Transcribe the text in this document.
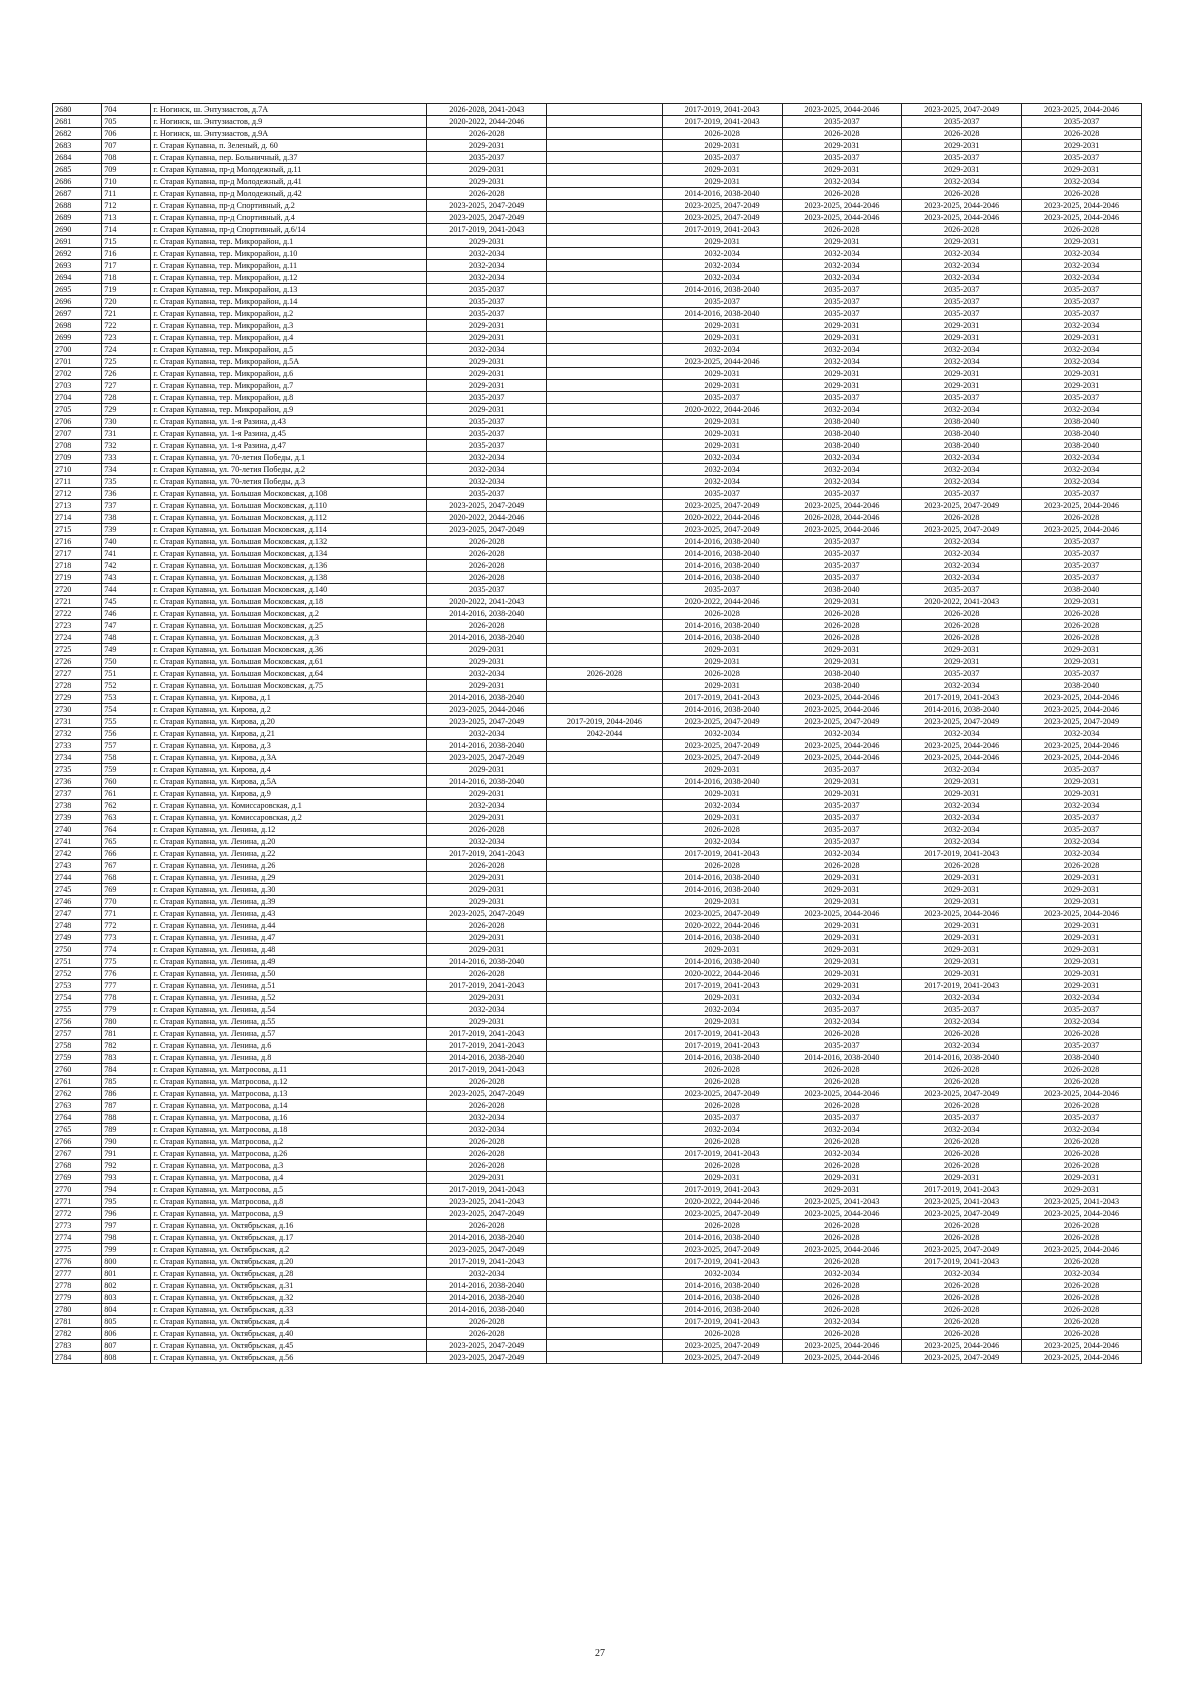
2680	704	г. Ногинск, ш. Энтузиастов, д.7А	2026-2028, 2041-2043		2017-2019, 2041-2043	2023-2025, 2044-2046	2023-2025, 2047-2049	2023-2025, 2044-2046
2681	705	г. Ногинск, ш. Энтузиастов, д.9	2020-2022, 2044-2046		2017-2019, 2041-2043	2035-2037	2035-2037	2035-2037
2682	706	г. Ногинск, ш. Энтузиастов, д.9А	2026-2028		2026-2028	2026-2028	2026-2028	2026-2028
2683	707	г. Старая Купавна, п. Зеленый, д. 60	2029-2031		2029-2031	2029-2031	2029-2031	2029-2031
2684	708	г. Старая Купавна, пер. Больничный, д.37	2035-2037		2035-2037	2035-2037	2035-2037	2035-2037
2685	709	г. Старая Купавна, пр-д Молодежный, д.11	2029-2031		2029-2031	2029-2031	2029-2031	2029-2031
2686	710	г. Старая Купавна, пр-д Молодежный, д.41	2029-2031		2029-2031	2032-2034	2032-2034	2032-2034
2687	711	г. Старая Купавна, пр-д Молодежный, д.42	2026-2028		2014-2016, 2038-2040	2026-2028	2026-2028	2026-2028
2688	712	г. Старая Купавна, пр-д Спортивный, д.2	2023-2025, 2047-2049		2023-2025, 2047-2049	2023-2025, 2044-2046	2023-2025, 2044-2046	2023-2025, 2044-2046
2689	713	г. Старая Купавна, пр-д Спортивный, д.4	2023-2025, 2047-2049		2023-2025, 2047-2049	2023-2025, 2044-2046	2023-2025, 2044-2046	2023-2025, 2044-2046
2690	714	г. Старая Купавна, пр-д Спортивный, д.6/14	2017-2019, 2041-2043		2017-2019, 2041-2043	2026-2028	2026-2028	2026-2028
2691	715	г. Старая Купавна, тер. Микрорайон, д.1	2029-2031		2029-2031	2029-2031	2029-2031	2029-2031
2692	716	г. Старая Купавна, тер. Микрорайон, д.10	2032-2034		2032-2034	2032-2034	2032-2034	2032-2034
2693	717	г. Старая Купавна, тер. Микрорайон, д.11	2032-2034		2032-2034	2032-2034	2032-2034	2032-2034
2694	718	г. Старая Купавна, тер. Микрорайон, д.12	2032-2034		2032-2034	2032-2034	2032-2034	2032-2034
2695	719	г. Старая Купавна, тер. Микрорайон, д.13	2035-2037		2014-2016, 2038-2040	2035-2037	2035-2037	2035-2037
2696	720	г. Старая Купавна, тер. Микрорайон, д.14	2035-2037		2035-2037	2035-2037	2035-2037	2035-2037
2697	721	г. Старая Купавна, тер. Микрорайон, д.2	2035-2037		2014-2016, 2038-2040	2035-2037	2035-2037	2035-2037
2698	722	г. Старая Купавна, тер. Микрорайон, д.3	2029-2031		2029-2031	2029-2031	2029-2031	2032-2034
2699	723	г. Старая Купавна, тер. Микрорайон, д.4	2029-2031		2029-2031	2029-2031	2029-2031	2029-2031
2700	724	г. Старая Купавна, тер. Микрорайон, д.5	2032-2034		2032-2034	2032-2034	2032-2034	2032-2034
2701	725	г. Старая Купавна, тер. Микрорайон, д.5А	2029-2031		2023-2025, 2044-2046	2032-2034	2032-2034	2032-2034
2702	726	г. Старая Купавна, тер. Микрорайон, д.6	2029-2031		2029-2031	2029-2031	2029-2031	2029-2031
2703	727	г. Старая Купавна, тер. Микрорайон, д.7	2029-2031		2029-2031	2029-2031	2029-2031	2029-2031
2704	728	г. Старая Купавна, тер. Микрорайон, д.8	2035-2037		2035-2037	2035-2037	2035-2037	2035-2037
2705	729	г. Старая Купавна, тер. Микрорайон, д.9	2029-2031		2020-2022, 2044-2046	2032-2034	2032-2034	2032-2034
2706	730	г. Старая Купавна, ул. 1-я Разина, д.43	2035-2037		2029-2031	2038-2040	2038-2040	2038-2040
2707	731	г. Старая Купавна, ул. 1-я Разина, д.45	2035-2037		2029-2031	2038-2040	2038-2040	2038-2040
2708	732	г. Старая Купавна, ул. 1-я Разина, д.47	2035-2037		2029-2031	2038-2040	2038-2040	2038-2040
2709	733	г. Старая Купавна, ул. 70-летия Победы, д.1	2032-2034		2032-2034	2032-2034	2032-2034	2032-2034
2710	734	г. Старая Купавна, ул. 70-летия Победы, д.2	2032-2034		2032-2034	2032-2034	2032-2034	2032-2034
2711	735	г. Старая Купавна, ул. 70-летия Победы, д.3	2032-2034		2032-2034	2032-2034	2032-2034	2032-2034
2712	736	г. Старая Купавна, ул. Большая Московская, д.108	2035-2037		2035-2037	2035-2037	2035-2037	2035-2037
2713	737	г. Старая Купавна, ул. Большая Московская, д.110	2023-2025, 2047-2049		2023-2025, 2047-2049	2023-2025, 2044-2046	2023-2025, 2047-2049	2023-2025, 2044-2046
2714	738	г. Старая Купавна, ул. Большая Московская, д.112	2020-2022, 2044-2046		2020-2022, 2044-2046	2026-2028, 2044-2046	2026-2028	2026-2028
2715	739	г. Старая Купавна, ул. Большая Московская, д.114	2023-2025, 2047-2049		2023-2025, 2047-2049	2023-2025, 2044-2046	2023-2025, 2047-2049	2023-2025, 2044-2046
2716	740	г. Старая Купавна, ул. Большая Московская, д.132	2026-2028		2014-2016, 2038-2040	2035-2037	2032-2034	2035-2037
2717	741	г. Старая Купавна, ул. Большая Московская, д.134	2026-2028		2014-2016, 2038-2040	2035-2037	2032-2034	2035-2037
2718	742	г. Старая Купавна, ул. Большая Московская, д.136	2026-2028		2014-2016, 2038-2040	2035-2037	2032-2034	2035-2037
2719	743	г. Старая Купавна, ул. Большая Московская, д.138	2026-2028		2014-2016, 2038-2040	2035-2037	2032-2034	2035-2037
2720	744	г. Старая Купавна, ул. Большая Московская, д.140	2035-2037		2035-2037	2038-2040	2035-2037	2038-2040
2721	745	г. Старая Купавна, ул. Большая Московская, д.18	2020-2022, 2041-2043		2020-2022, 2044-2046	2029-2031	2020-2022, 2041-2043	2029-2031
2722	746	г. Старая Купавна, ул. Большая Московская, д.2	2014-2016, 2038-2040		2026-2028	2026-2028	2026-2028	2026-2028
2723	747	г. Старая Купавна, ул. Большая Московская, д.25	2026-2028		2014-2016, 2038-2040	2026-2028	2026-2028	2026-2028
2724	748	г. Старая Купавна, ул. Большая Московская, д.3	2014-2016, 2038-2040		2014-2016, 2038-2040	2026-2028	2026-2028	2026-2028
2725	749	г. Старая Купавна, ул. Большая Московская, д.36	2029-2031		2029-2031	2029-2031	2029-2031	2029-2031
2726	750	г. Старая Купавна, ул. Большая Московская, д.61	2029-2031		2029-2031	2029-2031	2029-2031	2029-2031
2727	751	г. Старая Купавна, ул. Большая Московская, д.64	2032-2034	2026-2028	2026-2028	2038-2040	2035-2037	2035-2037
2728	752	г. Старая Купавна, ул. Большая Московская, д.75	2029-2031		2029-2031	2038-2040	2032-2034	2038-2040
2729	753	г. Старая Купавна, ул. Кирова, д.1	2014-2016, 2038-2040		2017-2019, 2041-2043	2023-2025, 2044-2046	2017-2019, 2041-2043	2023-2025, 2044-2046
2730	754	г. Старая Купавна, ул. Кирова, д.2	2023-2025, 2044-2046		2014-2016, 2038-2040	2023-2025, 2044-2046	2014-2016, 2038-2040	2023-2025, 2044-2046
2731	755	г. Старая Купавна, ул. Кирова, д.20	2023-2025, 2047-2049	2017-2019, 2044-2046	2023-2025, 2047-2049	2023-2025, 2047-2049	2023-2025, 2047-2049	2023-2025, 2047-2049
2732	756	г. Старая Купавна, ул. Кирова, д.21	2032-2034	2042-2044	2032-2034	2032-2034	2032-2034	2032-2034
2733	757	г. Старая Купавна, ул. Кирова, д.3	2014-2016, 2038-2040		2023-2025, 2047-2049	2023-2025, 2044-2046	2023-2025, 2044-2046	2023-2025, 2044-2046
2734	758	г. Старая Купавна, ул. Кирова, д.3А	2023-2025, 2047-2049		2023-2025, 2047-2049	2023-2025, 2044-2046	2023-2025, 2044-2046	2023-2025, 2044-2046
2735	759	г. Старая Купавна, ул. Кирова, д.4	2029-2031		2029-2031	2035-2037	2032-2034	2035-2037
2736	760	г. Старая Купавна, ул. Кирова, д.5А	2014-2016, 2038-2040		2014-2016, 2038-2040	2029-2031	2029-2031	2029-2031
2737	761	г. Старая Купавна, ул. Кирова, д.9	2029-2031		2029-2031	2029-2031	2029-2031	2029-2031
2738	762	г. Старая Купавна, ул. Комиссаровская, д.1	2032-2034		2032-2034	2035-2037	2032-2034	2032-2034
2739	763	г. Старая Купавна, ул. Комиссаровская, д.2	2029-2031		2029-2031	2035-2037	2032-2034	2035-2037
2740	764	г. Старая Купавна, ул. Ленина, д.12	2026-2028		2026-2028	2035-2037	2032-2034	2035-2037
2741	765	г. Старая Купавна, ул. Ленина, д.20	2032-2034		2032-2034	2035-2037	2032-2034	2032-2034
2742	766	г. Старая Купавна, ул. Ленина, д.22	2017-2019, 2041-2043		2017-2019, 2041-2043	2032-2034	2017-2019, 2041-2043	2032-2034
2743	767	г. Старая Купавна, ул. Ленина, д.26	2026-2028		2026-2028	2026-2028	2026-2028	2026-2028
2744	768	г. Старая Купавна, ул. Ленина, д.29	2029-2031		2014-2016, 2038-2040	2029-2031	2029-2031	2029-2031
2745	769	г. Старая Купавна, ул. Ленина, д.30	2029-2031		2014-2016, 2038-2040	2029-2031	2029-2031	2029-2031
2746	770	г. Старая Купавна, ул. Ленина, д.39	2029-2031		2029-2031	2029-2031	2029-2031	2029-2031
2747	771	г. Старая Купавна, ул. Ленина, д.43	2023-2025, 2047-2049		2023-2025, 2047-2049	2023-2025, 2044-2046	2023-2025, 2044-2046	2023-2025, 2044-2046
2748	772	г. Старая Купавна, ул. Ленина, д.44	2026-2028		2020-2022, 2044-2046	2029-2031	2029-2031	2029-2031
2749	773	г. Старая Купавна, ул. Ленина, д.47	2029-2031		2014-2016, 2038-2040	2029-2031	2029-2031	2029-2031
2750	774	г. Старая Купавна, ул. Ленина, д.48	2029-2031		2029-2031	2029-2031	2029-2031	2029-2031
2751	775	г. Старая Купавна, ул. Ленина, д.49	2014-2016, 2038-2040		2014-2016, 2038-2040	2029-2031	2029-2031	2029-2031
2752	776	г. Старая Купавна, ул. Ленина, д.50	2026-2028		2020-2022, 2044-2046	2029-2031	2029-2031	2029-2031
2753	777	г. Старая Купавна, ул. Ленина, д.51	2017-2019, 2041-2043		2017-2019, 2041-2043	2029-2031	2017-2019, 2041-2043	2029-2031
2754	778	г. Старая Купавна, ул. Ленина, д.52	2029-2031		2029-2031	2032-2034	2032-2034	2032-2034
2755	779	г. Старая Купавна, ул. Ленина, д.54	2032-2034		2032-2034	2035-2037	2035-2037	2035-2037
2756	780	г. Старая Купавна, ул. Ленина, д.55	2029-2031		2029-2031	2032-2034	2032-2034	2032-2034
2757	781	г. Старая Купавна, ул. Ленина, д.57	2017-2019, 2041-2043		2017-2019, 2041-2043	2026-2028	2026-2028	2026-2028
2758	782	г. Старая Купавна, ул. Ленина, д.6	2017-2019, 2041-2043		2017-2019, 2041-2043	2035-2037	2032-2034	2035-2037
2759	783	г. Старая Купавна, ул. Ленина, д.8	2014-2016, 2038-2040		2014-2016, 2038-2040	2014-2016, 2038-2040	2014-2016, 2038-2040	2038-2040
2760	784	г. Старая Купавна, ул. Матросова, д.11	2017-2019, 2041-2043		2026-2028	2026-2028	2026-2028	2026-2028
2761	785	г. Старая Купавна, ул. Матросова, д.12	2026-2028		2026-2028	2026-2028	2026-2028	2026-2028
2762	786	г. Старая Купавна, ул. Матросова, д.13	2023-2025, 2047-2049		2023-2025, 2047-2049	2023-2025, 2044-2046	2023-2025, 2047-2049	2023-2025, 2044-2046
2763	787	г. Старая Купавна, ул. Матросова, д.14	2026-2028		2026-2028	2026-2028	2026-2028	2026-2028
2764	788	г. Старая Купавна, ул. Матросова, д.16	2032-2034		2035-2037	2035-2037	2035-2037	2035-2037
2765	789	г. Старая Купавна, ул. Матросова, д.18	2032-2034		2032-2034	2032-2034	2032-2034	2032-2034
2766	790	г. Старая Купавна, ул. Матросова, д.2	2026-2028		2026-2028	2026-2028	2026-2028	2026-2028
2767	791	г. Старая Купавна, ул. Матросова, д.26	2026-2028		2017-2019, 2041-2043	2032-2034	2026-2028	2026-2028
2768	792	г. Старая Купавна, ул. Матросова, д.3	2026-2028		2026-2028	2026-2028	2026-2028	2026-2028
2769	793	г. Старая Купавна, ул. Матросова, д.4	2029-2031		2029-2031	2029-2031	2029-2031	2029-2031
2770	794	г. Старая Купавна, ул. Матросова, д.5	2017-2019, 2041-2043		2017-2019, 2041-2043	2029-2031	2017-2019, 2041-2043	2029-2031
2771	795	г. Старая Купавна, ул. Матросова, д.8	2023-2025, 2041-2043		2020-2022, 2044-2046	2023-2025, 2041-2043	2023-2025, 2041-2043	2023-2025, 2041-2043
2772	796	г. Старая Купавна, ул. Матросова, д.9	2023-2025, 2047-2049		2023-2025, 2047-2049	2023-2025, 2044-2046	2023-2025, 2047-2049	2023-2025, 2044-2046
2773	797	г. Старая Купавна, ул. Октябрьская, д.16	2026-2028		2026-2028	2026-2028	2026-2028	2026-2028
2774	798	г. Старая Купавна, ул. Октябрьская, д.17	2014-2016, 2038-2040		2014-2016, 2038-2040	2026-2028	2026-2028	2026-2028
2775	799	г. Старая Купавна, ул. Октябрьская, д.2	2023-2025, 2047-2049		2023-2025, 2047-2049	2023-2025, 2044-2046	2023-2025, 2047-2049	2023-2025, 2044-2046
2776	800	г. Старая Купавна, ул. Октябрьская, д.20	2017-2019, 2041-2043		2017-2019, 2041-2043	2026-2028	2017-2019, 2041-2043	2026-2028
2777	801	г. Старая Купавна, ул. Октябрьская, д.28	2032-2034		2032-2034	2032-2034	2032-2034	2032-2034
2778	802	г. Старая Купавна, ул. Октябрьская, д.31	2014-2016, 2038-2040		2014-2016, 2038-2040	2026-2028	2026-2028	2026-2028
2779	803	г. Старая Купавна, ул. Октябрьская, д.32	2014-2016, 2038-2040		2014-2016, 2038-2040	2026-2028	2026-2028	2026-2028
2780	804	г. Старая Купавна, ул. Октябрьская, д.33	2014-2016, 2038-2040		2014-2016, 2038-2040	2026-2028	2026-2028	2026-2028
2781	805	г. Старая Купавна, ул. Октябрьская, д.4	2026-2028		2017-2019, 2041-2043	2032-2034	2026-2028	2026-2028
2782	806	г. Старая Купавна, ул. Октябрьская, д.40	2026-2028		2026-2028	2026-2028	2026-2028	2026-2028
2783	807	г. Старая Купавна, ул. Октябрьская, д.45	2023-2025, 2047-2049		2023-2025, 2047-2049	2023-2025, 2044-2046	2023-2025, 2044-2046	2023-2025, 2044-2046
2784	808	г. Старая Купавна, ул. Октябрьская, д.56	2023-2025, 2047-2049		2023-2025, 2047-2049	2023-2025, 2044-2046	2023-2025, 2047-2049	2023-2025, 2044-2046
27
